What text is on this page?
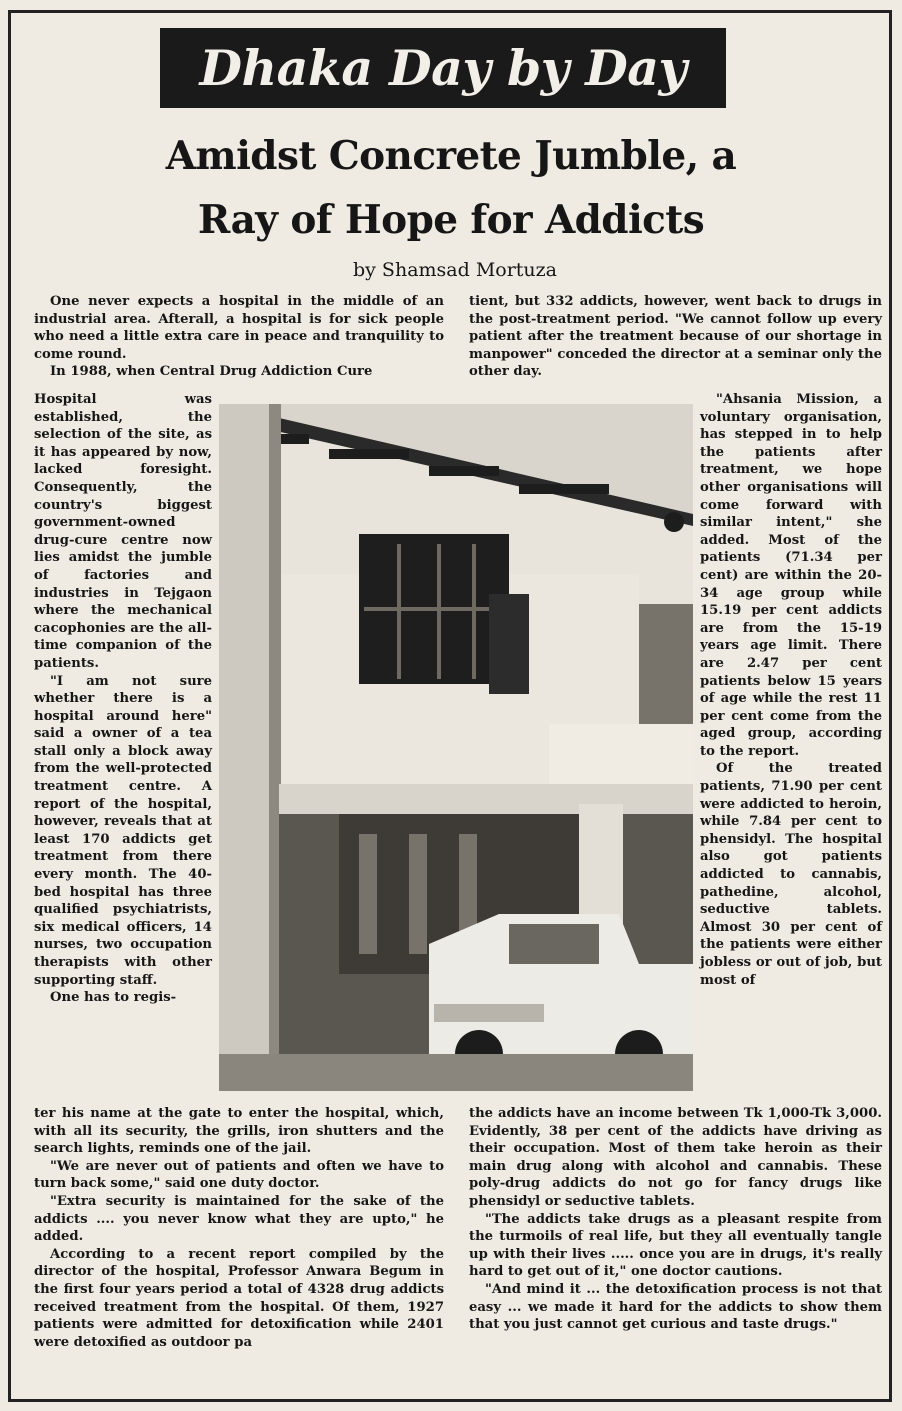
Dhaka Day by Day
Amidst Concrete Jumble, a
Ray of Hope for Addicts
by Shamsad Mortuza

One never expects a hospital in the middle of an industrial area. Afterall, a hospital is for sick people who need a little extra care in peace and tranquility to come round.

In 1988, when Central Drug Addiction Cure

Hospital was established, the selection of the site, as it has appeared by now, lacked foresight. Consequently, the country's biggest government-owned drug-cure centre now lies amidst the jumble of factories and industries in Tejgaon where the mechanical cacophonies are the all-time companion of the patients.

"I am not sure whether there is a hospital around here" said a owner of a tea stall only a block away from the well-protected treatment centre. A report of the hospital, however, reveals that at least 170 addicts get treatment from there every month. The 40-bed hospital has three qualified psychiatrists, six medical officers, 14 nurses, two occupation therapists with other supporting staff.

One has to regis-

ter his name at the gate to enter the hospital, which, with all its security, the grills, iron shutters and the search lights, reminds one of the jail.

"We are never out of patients and often we have to turn back some," said one duty doctor.

"Extra security is maintained for the sake of the addicts .... you never know what they are upto," he added.

According to a recent report compiled by the director of the hospital, Professor Anwara Begum in the first four years period a total of 4328 drug addicts received treatment from the hospital. Of them, 1927 patients were admitted for detoxification while 2401 were detoxified as outdoor pa

tient, but 332 addicts, however, went back to drugs in the post-treatment period. "We cannot follow up every patient after the treatment because of our shortage in manpower" conceded the director at a seminar only the other day.

"Ahsania Mission, a voluntary organisation, has stepped in to help the patients after treatment, we hope other organisations will come forward with similar intent," she added. Most of the patients (71.34 per cent) are within the 20-34 age group while 15.19 per cent addicts are from the 15-19 years age limit. There are 2.47 per cent patients below 15 years of age while the rest 11 per cent come from the aged group, according to the report.

Of the treated patients, 71.90 per cent were addicted to heroin, while 7.84 per cent to phensidyl. The hospital also got patients addicted to cannabis, pathedine, alcohol, seductive tablets. Almost 30 per cent of the patients were either jobless or out of job, but most of

the addicts have an income between Tk 1,000-Tk 3,000. Evidently, 38 per cent of the addicts have driving as their occupation. Most of them take heroin as their main drug along with alcohol and cannabis. These poly-drug addicts do not go for fancy drugs like phensidyl or seductive tablets.

"The addicts take drugs as a pleasant respite from the turmoils of real life, but they all eventually tangle up with their lives ..... once you are in drugs, it's really hard to get out of it," one doctor cautions.

"And mind it ... the detoxification process is not that easy ... we made it hard for the addicts to show them that you just cannot get curious and taste drugs."
